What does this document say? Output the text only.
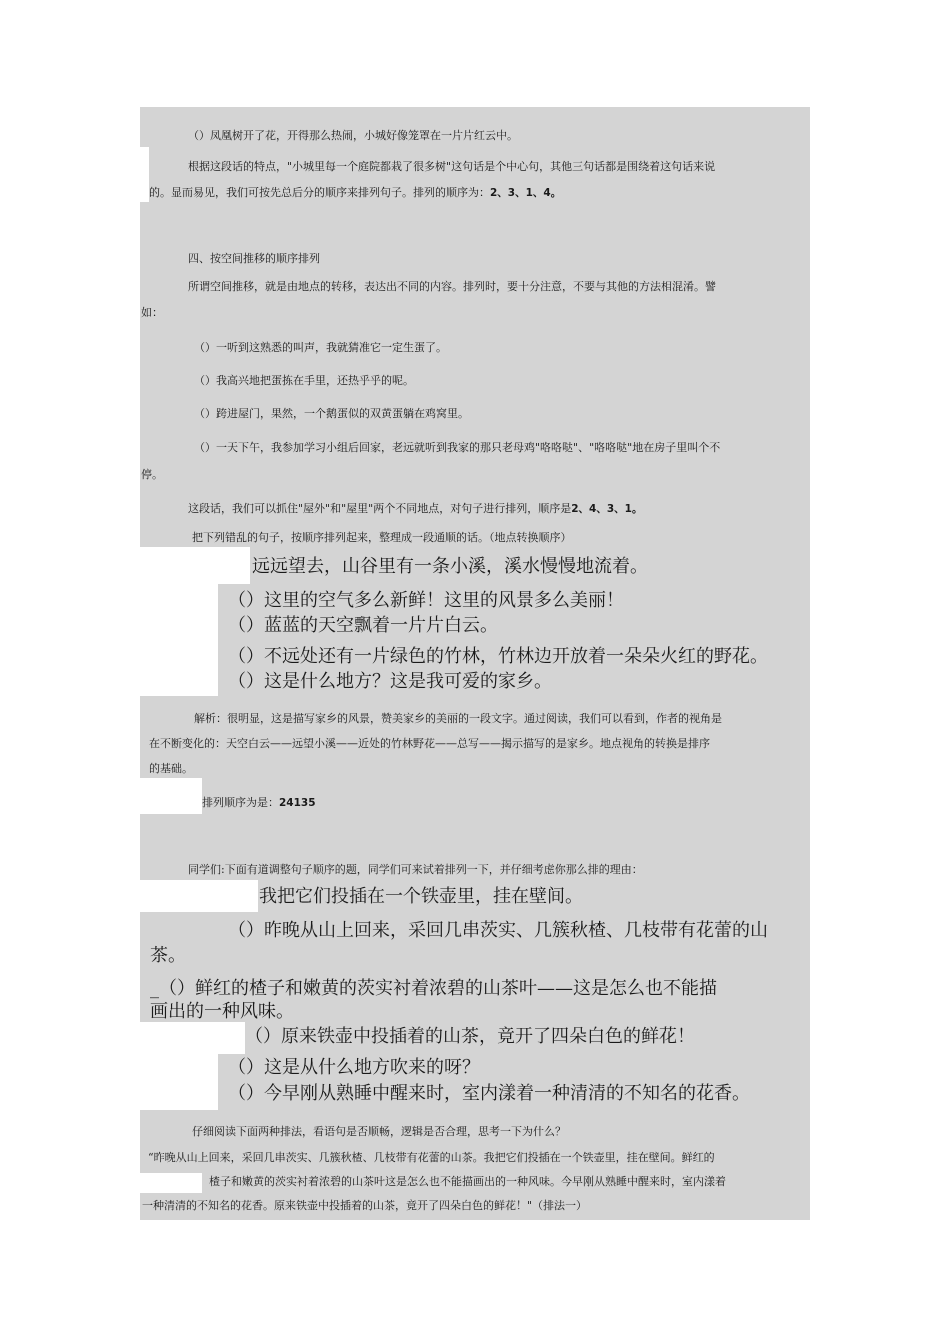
（）凤凰树开了花，开得那么热闹，小城好像笼罩在一片片红云中。

根据这段话的特点，"小城里每一个庭院都栽了很多树"这句话是个中心句，其他三句话都是围绕着这句话来说

的。显而易见，我们可按先总后分的顺序来排列句子。排列的顺序为：2、3、1、4。

四、按空间推移的顺序排列

所谓空间推移，就是由地点的转移，表达出不同的内容。排列时，要十分注意，不要与其他的方法相混淆。譬

如：

（）一听到这熟悉的叫声，我就猜准它一定生蛋了。

（）我高兴地把蛋拣在手里，还热乎乎的呢。

（）跨进屋门，果然，一个鹅蛋似的双黄蛋躺在鸡窝里。

（）一天下午，我参加学习小组后回家，老远就听到我家的那只老母鸡"咯咯哒"、"咯咯哒"地在房子里叫个不

停。

这段话，我们可以抓住"屋外"和"屋里"两个不同地点，对句子进行排列，顺序是2、4、3、1。

把下列错乱的句子，按顺序排列起来，整理成一段通顺的话。（地点转换顺序）

远远望去，山谷里有一条小溪，溪水慢慢地流着。

（）这里的空气多么新鲜！这里的风景多么美丽！

（）蓝蓝的天空飘着一片片白云。

（）不远处还有一片绿色的竹林，竹林边开放着一朵朵火红的野花。

（）这是什么地方？这是我可爱的家乡。

解析：很明显，这是描写家乡的风景，赞美家乡的美丽的一段文字。通过阅读，我们可以看到，作者的视角是

在不断变化的：天空白云——远望小溪——近处的竹林野花——总写——揭示描写的是家乡。地点视角的转换是排序

的基础。

排列顺序为是：24135

同学们:下面有道调整句子顺序的题，同学们可来试着排列一下，并仔细考虑你那么排的理由：

我把它们投插在一个铁壶里，挂在壁间。

（）昨晚从山上回来，采回几串茨实、几簇秋楂、几枝带有花蕾的山

茶。

_（）鲜红的楂子和嫩黄的茨实衬着浓碧的山茶叶——这是怎么也不能描

画出的一种风味。

（）原来铁壶中投插着的山茶，竟开了四朵白色的鲜花！

（）这是从什么地方吹来的呀？

（）今早刚从熟睡中醒来时，室内漾着一种清清的不知名的花香。

仔细阅读下面两种排法，看语句是否顺畅，逻辑是否合理，思考一下为什么？

“昨晚从山上回来，采回几串茨实、几簇秋楂、几枝带有花蕾的山茶。我把它们投插在一个铁壶里，挂在壁间。鲜红的

楂子和嫩黄的茨实衬着浓碧的山茶叶这是怎么也不能描画出的一种风味。今早刚从熟睡中醒来时，室内漾着

一种清清的不知名的花香。原来铁壶中投插着的山茶，竟开了四朵白色的鲜花！"（排法一）
